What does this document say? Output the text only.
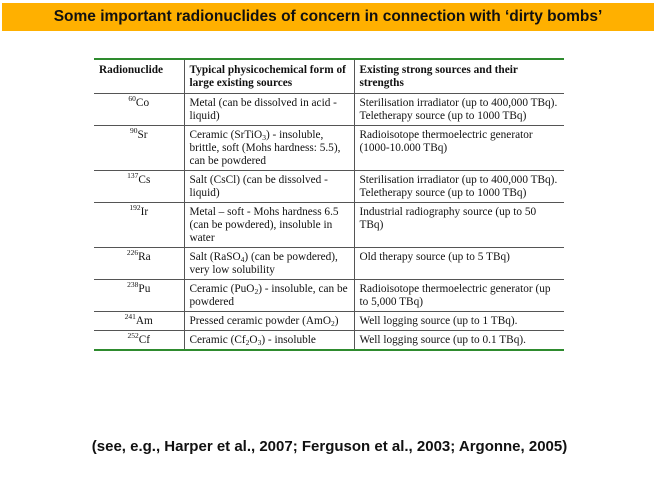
Some important radionuclides of concern in connection with ‘dirty bombs’
Radionuclide	Typical physicochemical form of large existing sources	Existing strong sources and their strengths
$^{60}$Co	Metal (can be dissolved in acid - liquid)	Sterilisation irradiator (up to 400,000 TBq). Teletherapy source (up to 1000 TBq)
$^{90}$Sr	Ceramic (SrTiO$_3$) - insoluble, brittle, soft (Mohs hardness: 5.5), can be powdered	Radioisotope thermoelectric generator (1000-10.000 TBq)
$^{137}$Cs	Salt (CsCl) (can be dissolved - liquid)	Sterilisation irradiator (up to 400,000 TBq). Teletherapy source (up to 1000 TBq)
$^{192}$Ir	Metal – soft - Mohs hardness 6.5 (can be powdered), insoluble in water	Industrial radiography source (up to 50 TBq)
$^{226}$Ra	Salt (RaSO$_4$) (can be powdered), very low solubility	Old therapy source (up to 5 TBq)
$^{238}$Pu	Ceramic (PuO$_2$) - insoluble, can be powdered	Radioisotope thermoelectric generator (up to 5,000 TBq)
$^{241}$Am	Pressed ceramic powder (AmO$_2$)	Well logging source (up to 1 TBq).
$^{252}$Cf	Ceramic $(Cf_2O_3)$ - insoluble	Well logging source (up to 0.1 TBq).
(see, e.g., Harper et al., 2007; Ferguson et al., 2003; Argonne, 2005)
